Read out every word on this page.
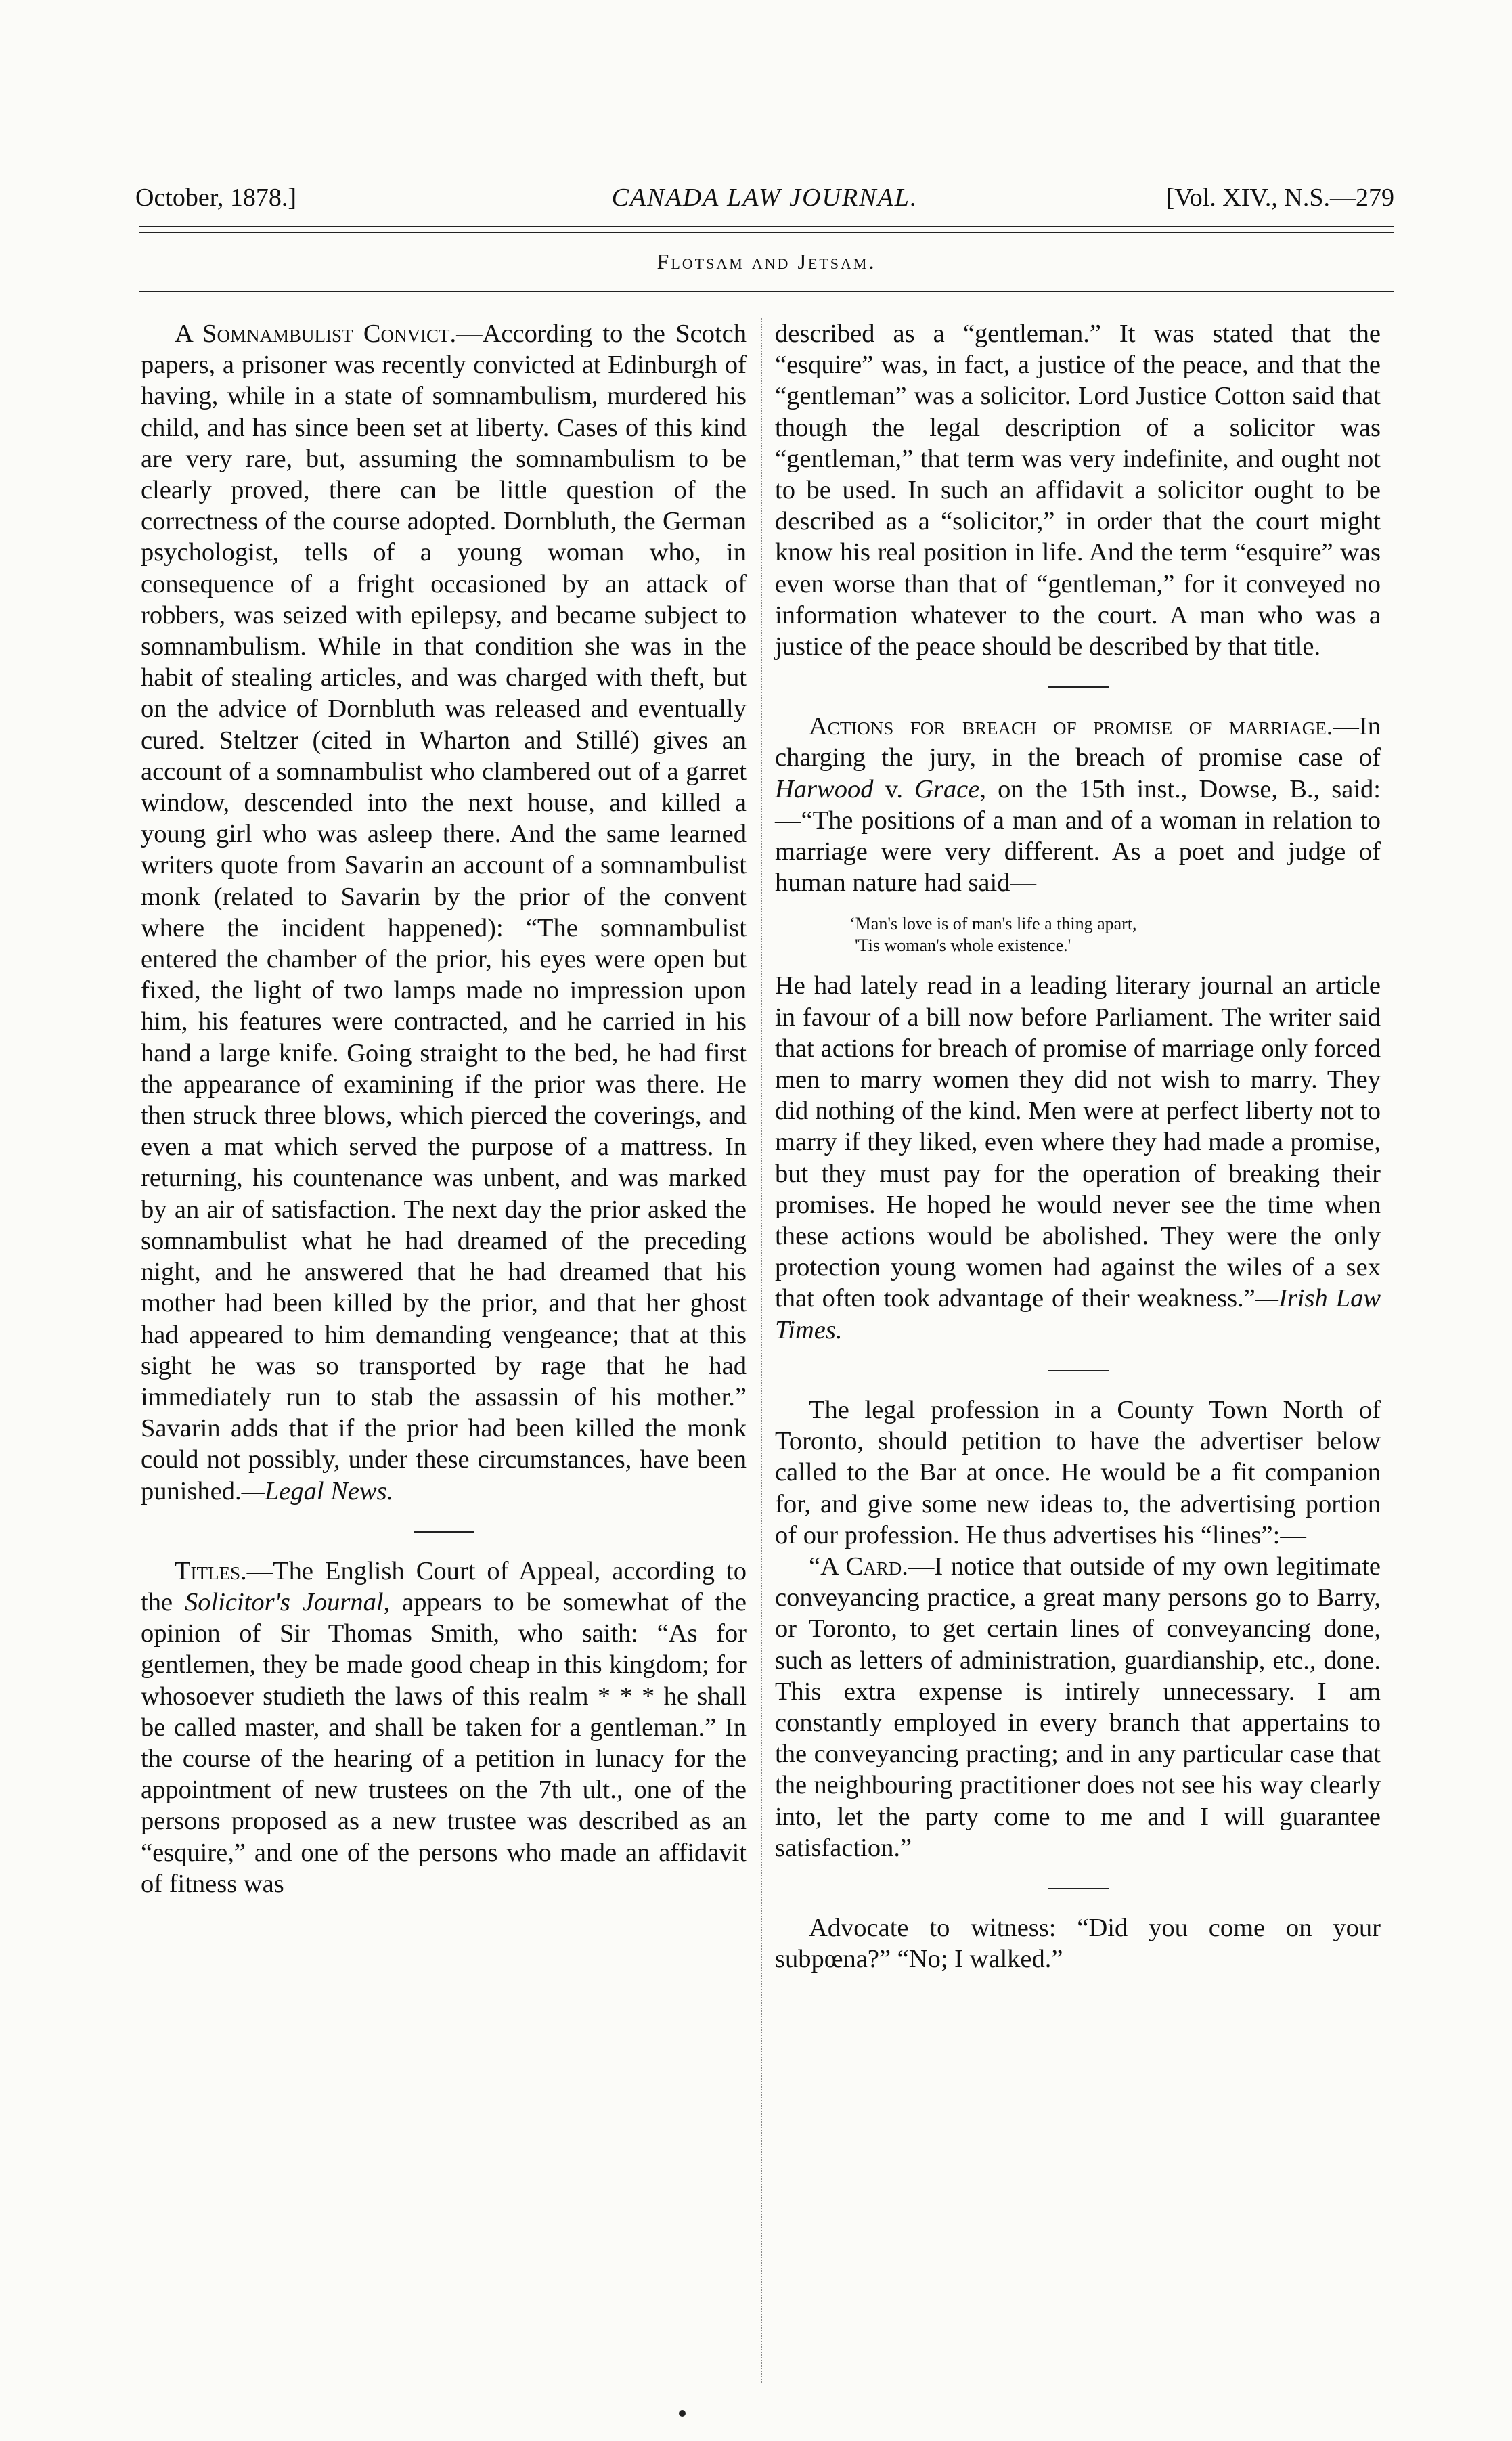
October, 1878.]	CANADA LAW JOURNAL.	[Vol. XIV., N.S.—279
Flotsam and Jetsam.

A Somnambulist Convict.—According to the Scotch papers, a prisoner was recently convicted at Edinburgh of having, while in a state of somnambulism, murdered his child, and has since been set at liberty. Cases of this kind are very rare, but, assuming the somnambulism to be clearly proved, there can be little question of the correctness of the course adopted. Dornbluth, the German psychologist, tells of a young woman who, in consequence of a fright occasioned by an attack of robbers, was seized with epilepsy, and became subject to somnambulism. While in that condition she was in the habit of stealing articles, and was charged with theft, but on the advice of Dornbluth was released and eventually cured. Steltzer (cited in Wharton and Stillé) gives an account of a somnambulist who clambered out of a garret window, descended into the next house, and killed a young girl who was asleep there. And the same learned writers quote from Savarin an account of a somnambulist monk (related to Savarin by the prior of the convent where the incident happened): “The somnambulist entered the chamber of the prior, his eyes were open but fixed, the light of two lamps made no impression upon him, his features were contracted, and he carried in his hand a large knife. Going straight to the bed, he had first the appearance of examining if the prior was there. He then struck three blows, which pierced the coverings, and even a mat which served the purpose of a mattress. In returning, his countenance was unbent, and was marked by an air of satisfaction. The next day the prior asked the somnambulist what he had dreamed of the preceding night, and he answered that he had dreamed that his mother had been killed by the prior, and that her ghost had appeared to him demanding vengeance; that at this sight he was so transported by rage that he had immediately run to stab the assassin of his mother.” Savarin adds that if the prior had been killed the monk could not possibly, under these circumstances, have been punished.—Legal News.

Titles.—The English Court of Appeal, according to the Solicitor's Journal, appears to be somewhat of the opinion of Sir Thomas Smith, who saith: “As for gentlemen, they be made good cheap in this kingdom; for whosoever studieth the laws of this realm * * * he shall be called master, and shall be taken for a gentleman.” In the course of the hearing of a petition in lunacy for the appointment of new trustees on the 7th ult., one of the persons proposed as a new trustee was described as an “esquire,” and one of the persons who made an affidavit of fitness was

described as a “gentleman.” It was stated that the “esquire” was, in fact, a justice of the peace, and that the “gentleman” was a solicitor. Lord Justice Cotton said that though the legal description of a solicitor was “gentleman,” that term was very indefinite, and ought not to be used. In such an affidavit a solicitor ought to be described as a “solicitor,” in order that the court might know his real position in life. And the term “esquire” was even worse than that of “gentleman,” for it conveyed no information whatever to the court. A man who was a justice of the peace should be described by that title.

Actions for breach of promise of marriage.—In charging the jury, in the breach of promise case of Harwood v. Grace, on the 15th inst., Dowse, B., said:—“The positions of a man and of a woman in relation to marriage were very different. As a poet and judge of human nature had said—

‘Man's love is of man's life a thing apart,
'Tis woman's whole existence.'

He had lately read in a leading literary journal an article in favour of a bill now before Parliament. The writer said that actions for breach of promise of marriage only forced men to marry women they did not wish to marry. They did nothing of the kind. Men were at perfect liberty not to marry if they liked, even where they had made a promise, but they must pay for the operation of breaking their promises. He hoped he would never see the time when these actions would be abolished. They were the only protection young women had against the wiles of a sex that often took advantage of their weakness.”—Irish Law Times.

The legal profession in a County Town North of Toronto, should petition to have the advertiser below called to the Bar at once. He would be a fit companion for, and give some new ideas to, the advertising portion of our profession. He thus advertises his “lines”:—

“A Card.—I notice that outside of my own legitimate conveyancing practice, a great many persons go to Barry, or Toronto, to get certain lines of conveyancing done, such as letters of administration, guardianship, etc., done. This extra expense is intirely unnecessary. I am constantly employed in every branch that appertains to the conveyancing practing; and in any particular case that the neighbouring practitioner does not see his way clearly into, let the party come to me and I will guarantee satisfaction.”

Advocate to witness: “Did you come on your subpœna?” “No; I walked.”
